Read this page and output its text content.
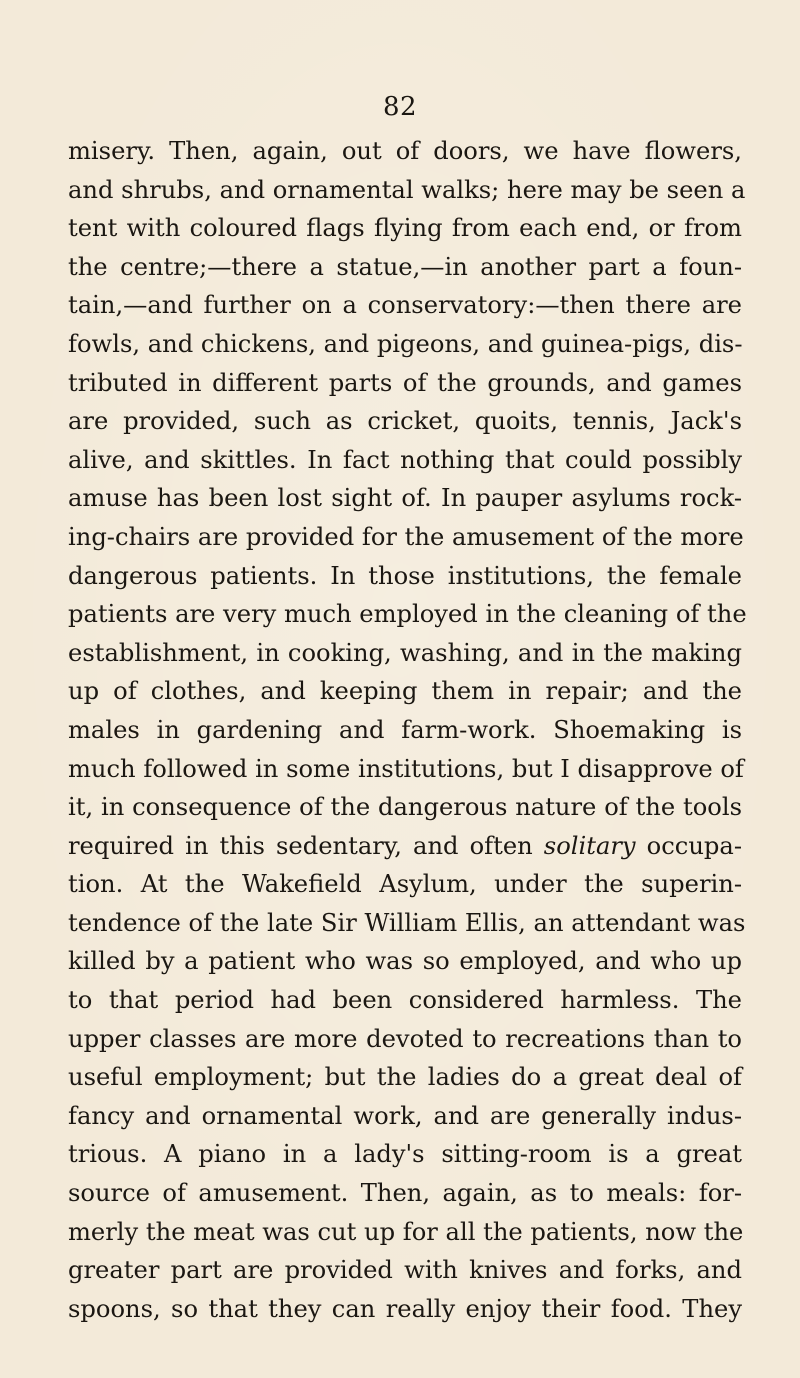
82
misery. Then, again, out of doors, we have flowers,
and shrubs, and ornamental walks; here may be seen a
tent with coloured flags flying from each end, or from
the centre;—there a statue,—in another part a foun-
tain,—and further on a conservatory:—then there are
fowls, and chickens, and pigeons, and guinea-pigs, dis-
tributed in different parts of the grounds, and games
are provided, such as cricket, quoits, tennis, Jack's
alive, and skittles. In fact nothing that could possibly
amuse has been lost sight of. In pauper asylums rock-
ing-chairs are provided for the amusement of the more
dangerous patients. In those institutions, the female
patients are very much employed in the cleaning of the
establishment, in cooking, washing, and in the making
up of clothes, and keeping them in repair; and the
males in gardening and farm-work. Shoemaking is
much followed in some institutions, but I disapprove of
it, in consequence of the dangerous nature of the tools
required in this sedentary, and often solitary occupa-
tion. At the Wakefield Asylum, under the superin-
tendence of the late Sir William Ellis, an attendant was
killed by a patient who was so employed, and who up
to that period had been considered harmless. The
upper classes are more devoted to recreations than to
useful employment; but the ladies do a great deal of
fancy and ornamental work, and are generally indus-
trious. A piano in a lady's sitting-room is a great
source of amusement. Then, again, as to meals: for-
merly the meat was cut up for all the patients, now the
greater part are provided with knives and forks, and
spoons, so that they can really enjoy their food. They
